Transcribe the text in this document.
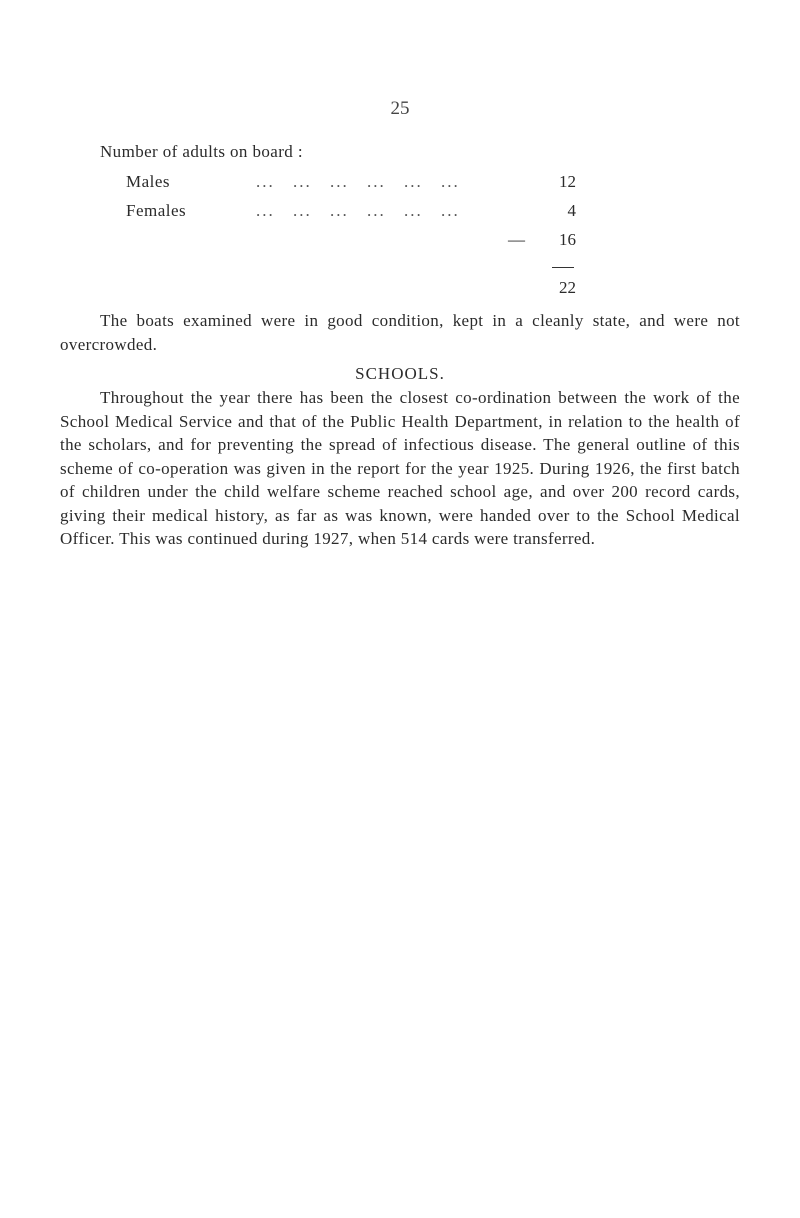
25
Number of adults on board :
Males	... ... ... ... ... ...	12
Females	... ... ... ... ... ...	4
— 16
22

The boats examined were in good condition, kept in a cleanly state, and were not overcrowded.

SCHOOLS.

Throughout the year there has been the closest co-ordination between the work of the School Medical Service and that of the Public Health Department, in relation to the health of the scholars, and for preventing the spread of infectious disease. The general outline of this scheme of co-operation was given in the report for the year 1925. During 1926, the first batch of children under the child welfare scheme reached school age, and over 200 record cards, giving their medical history, as far as was known, were handed over to the School Medical Officer. This was continued during 1927, when 514 cards were transferred.
